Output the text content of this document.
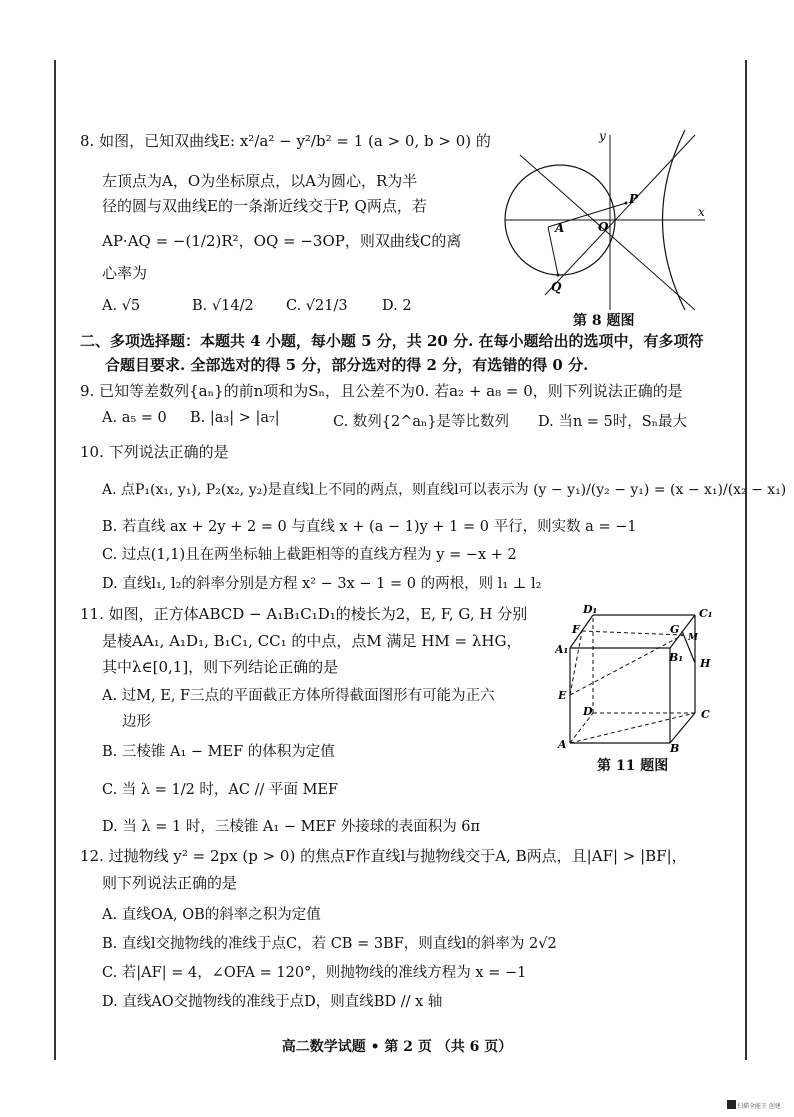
8. 如图，已知双曲线E: x²/a² − y²/b² = 1 (a > 0, b > 0) 的
左顶点为A，O为坐标原点，以A为圆心，R为半
径的圆与双曲线E的一条渐近线交于P, Q两点，若
AP·AQ = −(1/2)R²，OQ = −3OP，则双曲线C的离
心率为
A. √5	B. √14/2 C. √21/3 D. 2
y
x
A	O
P
Q
第 8 题图
二、多项选择题：本题共 4 小题，每小题 5 分，共 20 分. 在每小题给出的选项中，有多项符
合题目要求. 全部选对的得 5 分，部分选对的得 2 分，有选错的得 0 分.
9. 已知等差数列{aₙ}的前n项和为Sₙ，且公差不为0. 若a₂ + a₈ = 0，则下列说法正确的是
A. a₅ = 0 B. |a₃| > |a₇|	C. 数列{2^aₙ}是等比数列 D. 当n = 5时，Sₙ最大
10. 下列说法正确的是
A. 点P₁(x₁, y₁), P₂(x₂, y₂)是直线l上不同的两点，则直线l可以表示为 (y − y₁)/(y₂ − y₁) = (x − x₁)/(x₂ − x₁)
B. 若直线 ax + 2y + 2 = 0 与直线 x + (a − 1)y + 1 = 0 平行，则实数 a = −1
C. 过点(1,1)且在两坐标轴上截距相等的直线方程为 y = −x + 2
D. 直线l₁, l₂的斜率分别是方程 x² − 3x − 1 = 0 的两根，则 l₁ ⊥ l₂
11. 如图，正方体ABCD − A₁B₁C₁D₁的棱长为2，E, F, G, H 分别
是棱AA₁, A₁D₁, B₁C₁, CC₁ 的中点，点M 满足 HM = λHG，
其中λ∈[0,1]，则下列结论正确的是
A. 过M, E, F三点的平面截正方体所得截面图形有可能为正六
边形
B. 三棱锥 A₁ − MEF 的体积为定值
C. 当 λ = 1/2 时，AC // 平面 MEF
D. 当 λ = 1 时，三棱锥 A₁ − MEF 外接球的表面积为 6π
D₁	C₁
F	G
M
A₁
B₁ H
E
D	C
A	B
第 11 题图
12. 过抛物线 y² = 2px (p > 0) 的焦点F作直线l与抛物线交于A, B两点，且|AF| > |BF|，
则下列说法正确的是
A. 直线OA, OB的斜率之积为定值
B. 直线l交抛物线的准线于点C，若 CB = 3BF，则直线l的斜率为 2√2
C. 若|AF| = 4，∠OFA = 120°，则抛物线的准线方程为 x = −1
D. 直线AO交抛物线的准线于点D，则直线BD // x 轴
高二数学试题 • 第 2 页 （共 6 页）
扫描全能王 创建
